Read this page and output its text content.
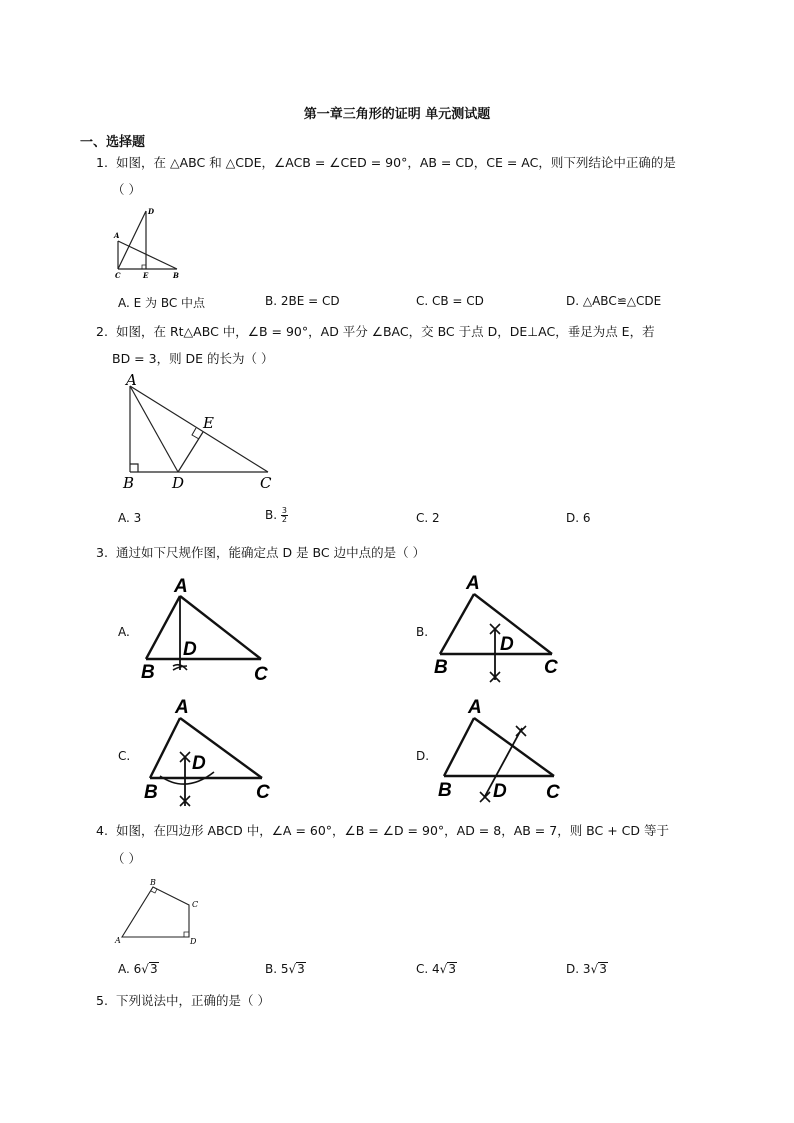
第一章三角形的证明 单元测试题
一、选择题
1. 如图，在 △ABC 和 △CDE，∠ACB = ∠CED = 90°，AB = CD，CE = AC，则下列结论中正确的是
（ ）
A
B
C
D
E
A. E 为 BC 中点	B. 2BE = CD	C. CB = CD	D. △ABC≌△CDE
2. 如图，在 Rt△ABC 中，∠B = 90°，AD 平分 ∠BAC，交 BC 于点 D，DE⊥AC，垂足为点 E，若
BD = 3，则 DE 的长为（ ）
A
B	C
D
E
A. 3	B. $\frac{3}{2}$	C. 2	D. 6
3. 通过如下尺规作图，能确定点 D 是 BC 边中点的是（ ）
A.	B.
C.	D.
A
B	C
D
A
B	C
D
A
B	C
D
A
B	C
D
4. 如图，在四边形 ABCD 中，∠A = 60°，∠B = ∠D = 90°，AD = 8，AB = 7，则 BC + CD 等于
（ ）
A
B
C
D
A. 6√3	B. 5√3	C. 4√3	D. 3√3
5. 下列说法中，正确的是（ ）
